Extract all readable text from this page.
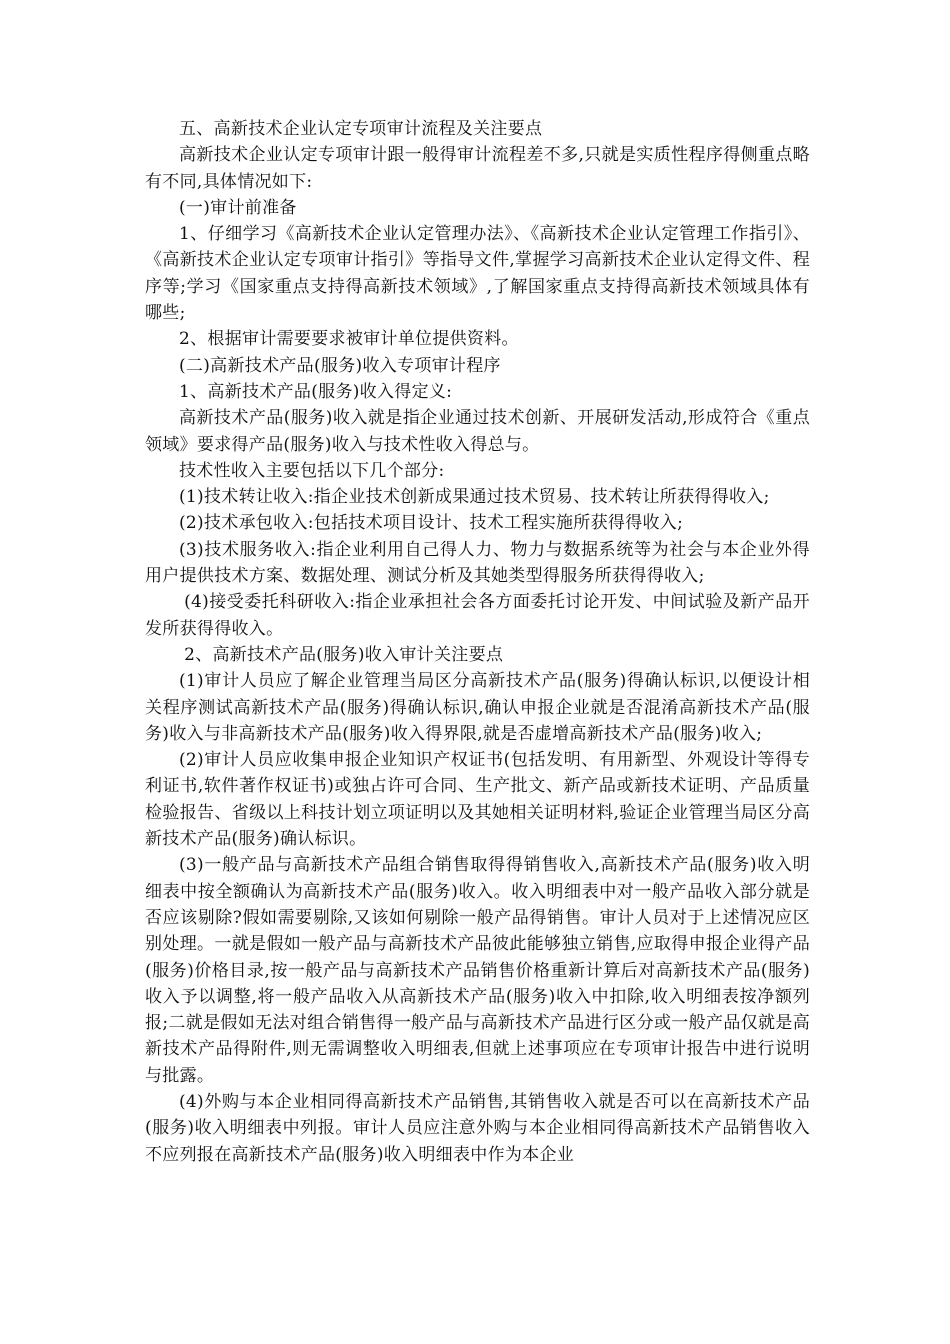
五、高新技术企业认定专项审计流程及关注要点

高新技术企业认定专项审计跟一般得审计流程差不多,只就是实质性程序得侧重点略有不同,具体情况如下:

(一)审计前准备

1、仔细学习《高新技术企业认定管理办法》、《高新技术企业认定管理工作指引》、《高新技术企业认定专项审计指引》等指导文件,掌握学习高新技术企业认定得文件、程序等;学习《国家重点支持得高新技术领域》,了解国家重点支持得高新技术领域具体有哪些;

2、根据审计需要要求被审计单位提供资料。

(二)高新技术产品(服务)收入专项审计程序

1、高新技术产品(服务)收入得定义:

高新技术产品(服务)收入就是指企业通过技术创新、开展研发活动,形成符合《重点领域》要求得产品(服务)收入与技术性收入得总与。

技术性收入主要包括以下几个部分:

(1)技术转让收入:指企业技术创新成果通过技术贸易、技术转让所获得得收入;

(2)技术承包收入:包括技术项目设计、技术工程实施所获得得收入;

(3)技术服务收入:指企业利用自己得人力、物力与数据系统等为社会与本企业外得用户提供技术方案、数据处理、测试分析及其她类型得服务所获得得收入;

(4)接受委托科研收入:指企业承担社会各方面委托讨论开发、中间试验及新产品开发所获得得收入。

2、高新技术产品(服务)收入审计关注要点

(1)审计人员应了解企业管理当局区分高新技术产品(服务)得确认标识,以便设计相关程序测试高新技术产品(服务)得确认标识,确认申报企业就是否混淆高新技术产品(服务)收入与非高新技术产品(服务)收入得界限,就是否虚增高新技术产品(服务)收入;

(2)审计人员应收集申报企业知识产权证书(包括发明、有用新型、外观设计等得专利证书,软件著作权证书)或独占许可合同、生产批文、新产品或新技术证明、产品质量检验报告、省级以上科技计划立项证明以及其她相关证明材料,验证企业管理当局区分高新技术产品(服务)确认标识。

(3)一般产品与高新技术产品组合销售取得得销售收入,高新技术产品(服务)收入明细表中按全额确认为高新技术产品(服务)收入。收入明细表中对一般产品收入部分就是否应该剔除?假如需要剔除,又该如何剔除一般产品得销售。审计人员对于上述情况应区别处理。一就是假如一般产品与高新技术产品彼此能够独立销售,应取得申报企业得产品(服务)价格目录,按一般产品与高新技术产品销售价格重新计算后对高新技术产品(服务)收入予以调整,将一般产品收入从高新技术产品(服务)收入中扣除,收入明细表按净额列报;二就是假如无法对组合销售得一般产品与高新技术产品进行区分或一般产品仅就是高新技术产品得附件,则无需调整收入明细表,但就上述事项应在专项审计报告中进行说明与批露。

(4)外购与本企业相同得高新技术产品销售,其销售收入就是否可以在高新技术产品(服务)收入明细表中列报。审计人员应注意外购与本企业相同得高新技术产品销售收入不应列报在高新技术产品(服务)收入明细表中作为本企业
